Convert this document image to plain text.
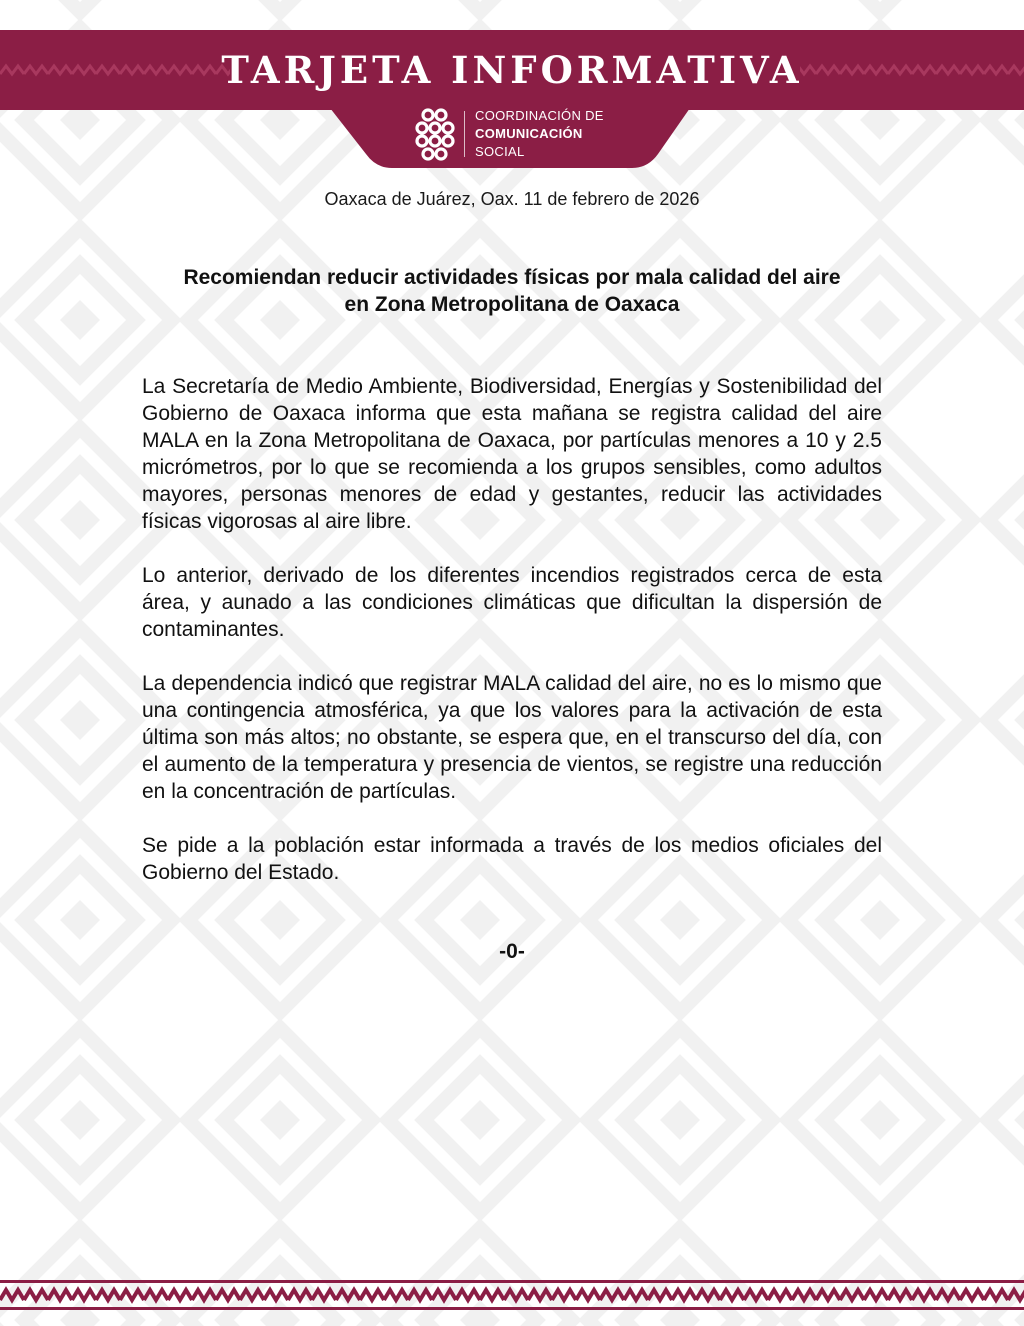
TARJETA INFORMATIVA
COORDINACIÓN DE
COMUNICACIÓN
SOCIAL
Oaxaca de Juárez, Oax. 11 de febrero de 2026
Recomiendan reducir actividades físicas por mala calidad del aire
en Zona Metropolitana de Oaxaca

La Secretaría de Medio Ambiente, Biodiversidad, Energías y Sostenibilidad del Gobierno de Oaxaca informa que esta mañana se registra calidad del aire MALA en la Zona Metropolitana de Oaxaca, por partículas menores a 10 y 2.5 micrómetros, por lo que se recomienda a los grupos sensibles, como adultos mayores, personas menores de edad y gestantes, reducir las actividades físicas vigorosas al aire libre.

Lo anterior, derivado de los diferentes incendios registrados cerca de esta área, y aunado a las condiciones climáticas que dificultan la dispersión de contaminantes.

La dependencia indicó que registrar MALA calidad del aire, no es lo mismo que una contingencia atmosférica, ya que los valores para la activación de esta última son más altos; no obstante, se espera que, en el transcurso del día, con el aumento de la temperatura y presencia de vientos, se registre una reducción en la concentración de partículas.

Se pide a la población estar informada a través de los medios oficiales del Gobierno del Estado.

-0-
